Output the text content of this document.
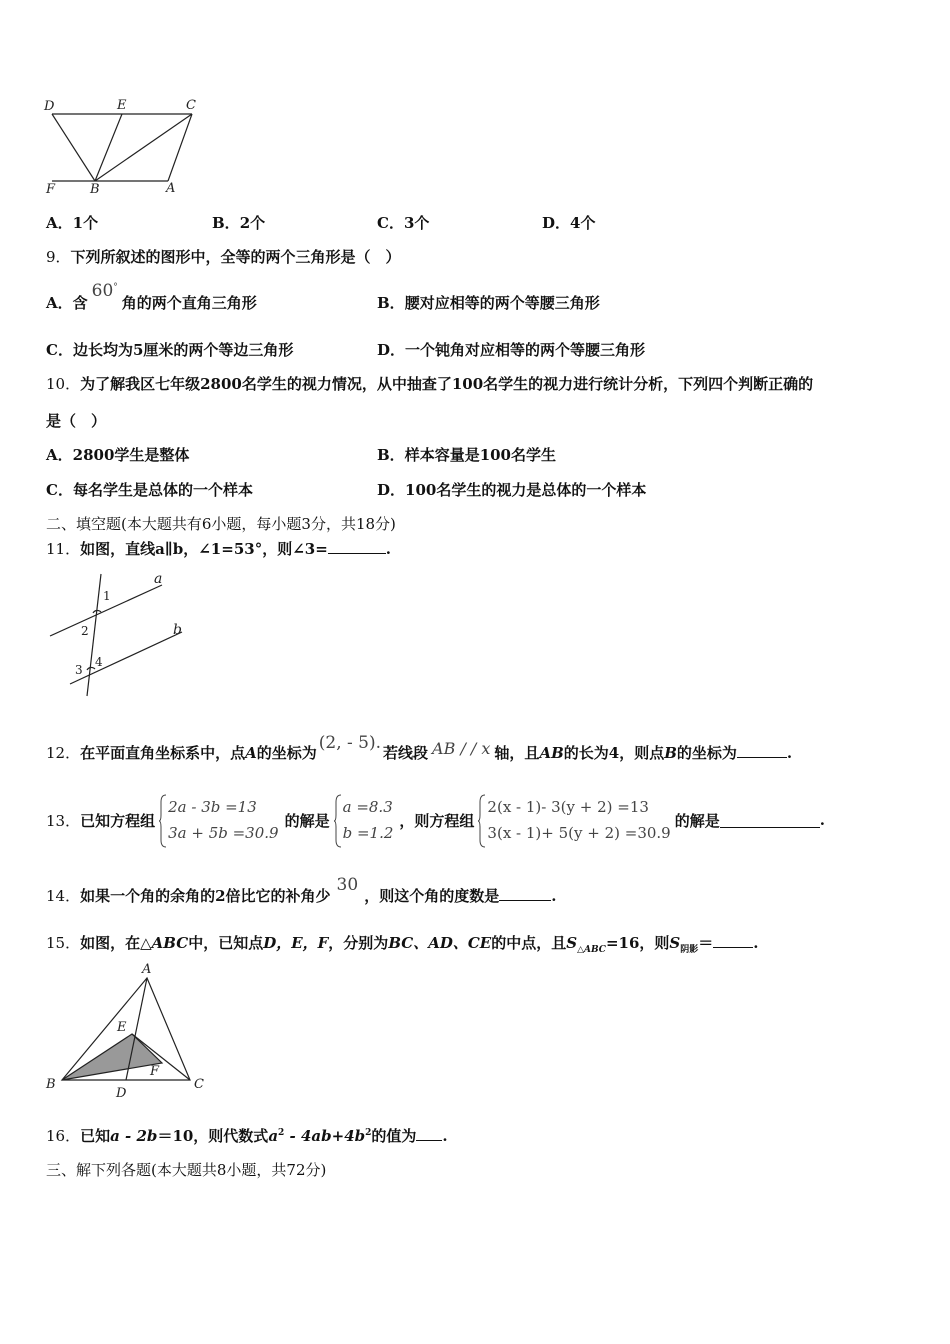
D	E	C
F	B	A
A．1个	B．2个	C．3个	D．4个
9．下列所叙述的图形中，全等的两个三角形是（　）
A．含60°角的两个直角三角形	B．腰对应相等的两个等腰三角形
C．边长均为5厘米的两个等边三角形	D．一个钝角对应相等的两个等腰三角形
10．为了解我区七年级2800名学生的视力情况，从中抽查了100名学生的视力进行统计分析，下列四个判断正确的
是（　）
A．2800学生是整体	B．样本容量是100名学生
C．每名学生是总体的一个样本	D．100名学生的视力是总体的一个样本
二、填空题(本大题共有6小题，每小题3分，共18分)
11．如图，直线a∥b，∠1=53°，则∠3=	.
a
b
1
2
3
4
12．在平面直角坐标系中，点A的坐标为 (2, - 5). 若线段 AB / / x 轴，且AB的长为4，则点B的坐标为	.
13． 已知方程组
2a - 3b =13
3a + 5b =30.9
的解是
a =8.3
b =1.2
，则方程组
2(x - 1)- 3(y + 2) =13
3(x - 1)+ 5(y + 2) =30.9
的解是	.
14．如果一个角的余角的2倍比它的补角少30，则这个角的度数是	.
15．如图，在△ABC中，已知点D，E，F，分别为BC、AD、CE的中点，且$S_{\triangle ABC}=16$，则$S_{阴影}=$	.
A
E
F
B
D
C
16．已知a - 2b＝10，则代数式$a^2 - 4ab+4b^2$的值为 .
三、解下列各题(本大题共8小题，共72分)
